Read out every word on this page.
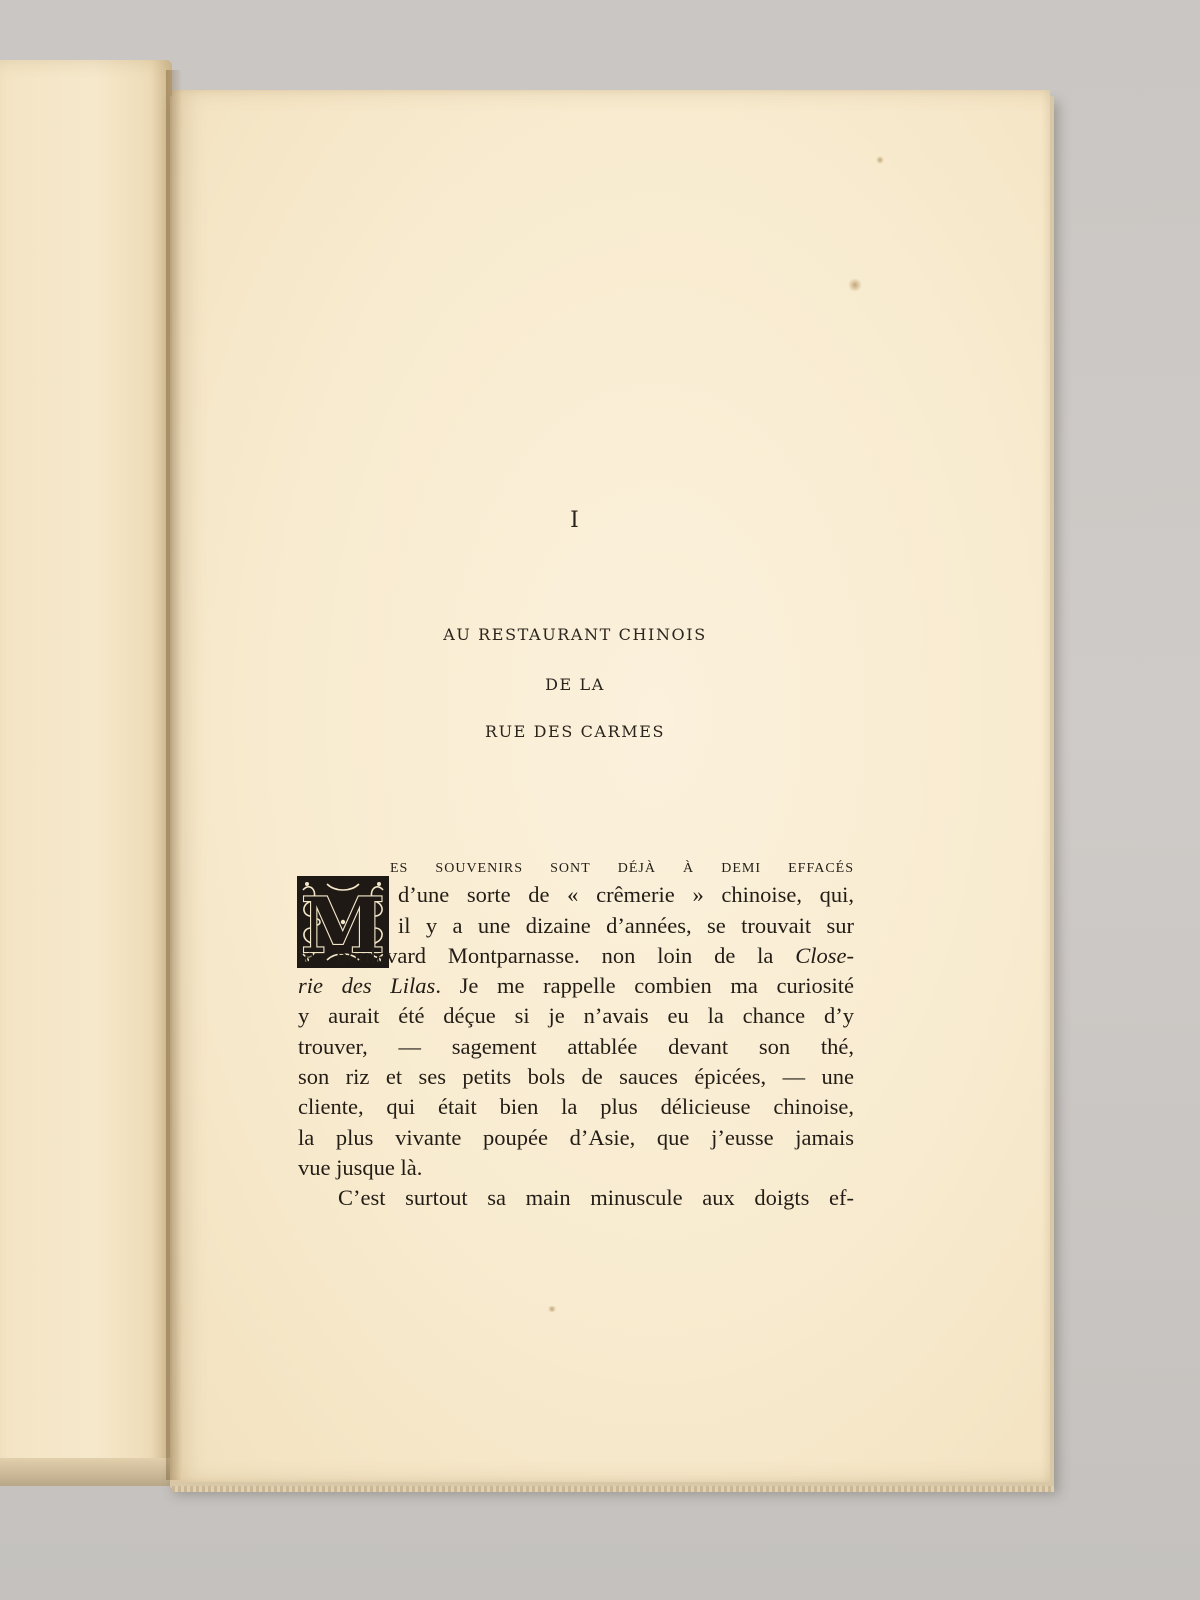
I
AU RESTAURANT CHINOIS
DE LA
RUE DES CARMES
M
es souvenirs sont déjà à demi effacés
d’une sorte de « crêmerie » chinoise, qui,
il y a une dizaine d’années, se trouvait sur
le boulevard Montparnasse. non loin de la Close-
rie des Lilas. Je me rappelle combien ma curiosité
y aurait été déçue si je n’avais eu la chance d’y
trouver, — sagement attablée devant son thé,
son riz et ses petits bols de sauces épicées, — une
cliente, qui était bien la plus délicieuse chinoise,
la plus vivante poupée d’Asie, que j’eusse jamais
vue jusque là.
C’est surtout sa main minuscule aux doigts ef-
